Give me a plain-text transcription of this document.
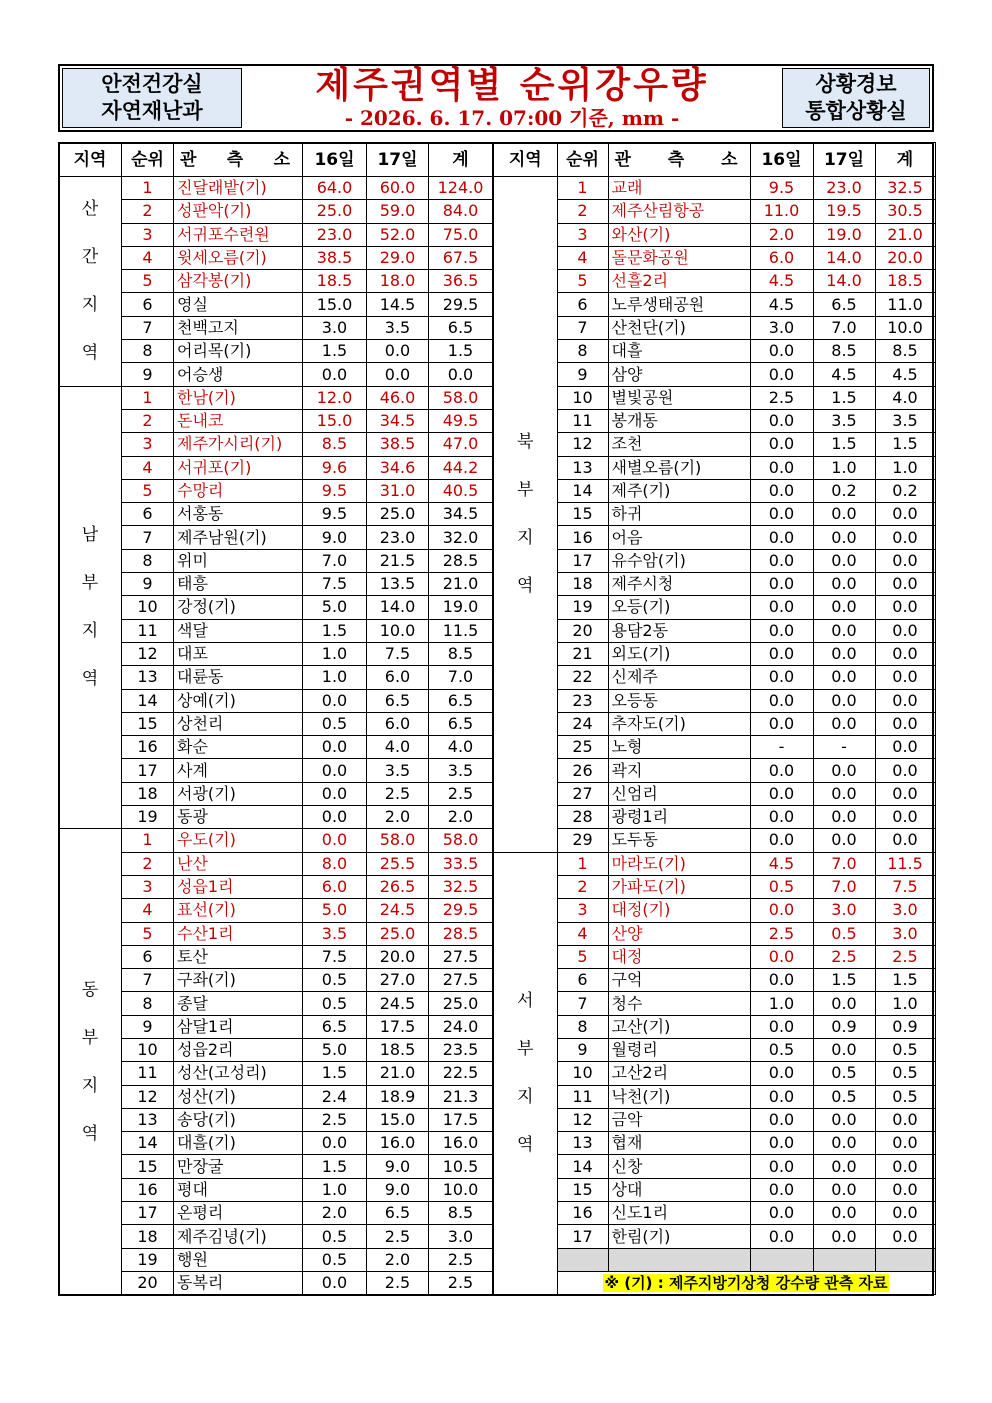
안전건강실
자연재난과
제주권역별 순위강우량
- 2026. 6. 17. 07:00 기준, mm -
상황경보
통합상황실
지역	순위	관 측 소	16일	17일	계
산

간

지

역	1	진달래밭(기)	64.0	60.0	124.0
	2	성판악(기)	25.0	59.0	84.0
	3	서귀포수련원	23.0	52.0	75.0
	4	윗세오름(기)	38.5	29.0	67.5
	5	삼각봉(기)	18.5	18.0	36.5
	6	영실	15.0	14.5	29.5
	7	천백고지	3.0	3.5	6.5
	8	어리목(기)	1.5	0.0	1.5
	9	어승생	0.0	0.0	0.0
남

부

지

역	1	한남(기)	12.0	46.0	58.0
	2	돈내코	15.0	34.5	49.5
	3	제주가시리(기)	8.5	38.5	47.0
	4	서귀포(기)	9.6	34.6	44.2
	5	수망리	9.5	31.0	40.5
	6	서홍동	9.5	25.0	34.5
	7	제주남원(기)	9.0	23.0	32.0
	8	위미	7.0	21.5	28.5
	9	태흥	7.5	13.5	21.0
	10	강정(기)	5.0	14.0	19.0
	11	색달	1.5	10.0	11.5
	12	대포	1.0	7.5	8.5
	13	대륜동	1.0	6.0	7.0
	14	상예(기)	0.0	6.5	6.5
	15	상천리	0.5	6.0	6.5
	16	화순	0.0	4.0	4.0
	17	사계	0.0	3.5	3.5
	18	서광(기)	0.0	2.5	2.5
	19	동광	0.0	2.0	2.0
동

부

지

역	1	우도(기)	0.0	58.0	58.0
	2	난산	8.0	25.5	33.5
	3	성읍1리	6.0	26.5	32.5
	4	표선(기)	5.0	24.5	29.5
	5	수산1리	3.5	25.0	28.5
	6	토산	7.5	20.0	27.5
	7	구좌(기)	0.5	27.0	27.5
	8	종달	0.5	24.5	25.0
	9	삼달1리	6.5	17.5	24.0
	10	성읍2리	5.0	18.5	23.5
	11	성산(고성리)	1.5	21.0	22.5
	12	성산(기)	2.4	18.9	21.3
	13	송당(기)	2.5	15.0	17.5
	14	대흘(기)	0.0	16.0	16.0
	15	만장굴	1.5	9.0	10.5
	16	평대	1.0	9.0	10.0
	17	온평리	2.0	6.5	8.5
	18	제주김녕(기)	0.5	2.5	3.0
	19	행원	0.5	2.0	2.5
	20	동복리	0.0	2.5	2.5
지역	순위	관 측 소	16일	17일	계
북

부

지

역	1	교래	9.5	23.0	32.5
	2	제주산림항공	11.0	19.5	30.5
	3	와산(기)	2.0	19.0	21.0
	4	돌문화공원	6.0	14.0	20.0
	5	선흘2리	4.5	14.0	18.5
	6	노루생태공원	4.5	6.5	11.0
	7	산천단(기)	3.0	7.0	10.0
	8	대흘	0.0	8.5	8.5
	9	삼양	0.0	4.5	4.5
	10	별빛공원	2.5	1.5	4.0
	11	봉개동	0.0	3.5	3.5
	12	조천	0.0	1.5	1.5
	13	새별오름(기)	0.0	1.0	1.0
	14	제주(기)	0.0	0.2	0.2
	15	하귀	0.0	0.0	0.0
	16	어음	0.0	0.0	0.0
	17	유수암(기)	0.0	0.0	0.0
	18	제주시청	0.0	0.0	0.0
	19	오등(기)	0.0	0.0	0.0
	20	용담2동	0.0	0.0	0.0
	21	외도(기)	0.0	0.0	0.0
	22	신제주	0.0	0.0	0.0
	23	오등동	0.0	0.0	0.0
	24	추자도(기)	0.0	0.0	0.0
	25	노형	-	-	0.0
	26	곽지	0.0	0.0	0.0
	27	신엄리	0.0	0.0	0.0
	28	광령1리	0.0	0.0	0.0
	29	도두동	0.0	0.0	0.0
서

부

지

역	1	마라도(기)	4.5	7.0	11.5
	2	가파도(기)	0.5	7.0	7.5
	3	대정(기)	0.0	3.0	3.0
	4	산양	2.5	0.5	3.0
	5	대정	0.0	2.5	2.5
	6	구억	0.0	1.5	1.5
	7	청수	1.0	0.0	1.0
	8	고산(기)	0.0	0.9	0.9
	9	월령리	0.5	0.0	0.5
	10	고산2리	0.0	0.5	0.5
	11	낙천(기)	0.0	0.5	0.5
	12	금악	0.0	0.0	0.0
	13	협재	0.0	0.0	0.0
	14	신창	0.0	0.0	0.0
	15	상대	0.0	0.0	0.0
	16	신도1리	0.0	0.0	0.0
	17	한림(기)	0.0	0.0	0.0

	※ (기) : 제주지방기상청 강수량 관측 자료				
